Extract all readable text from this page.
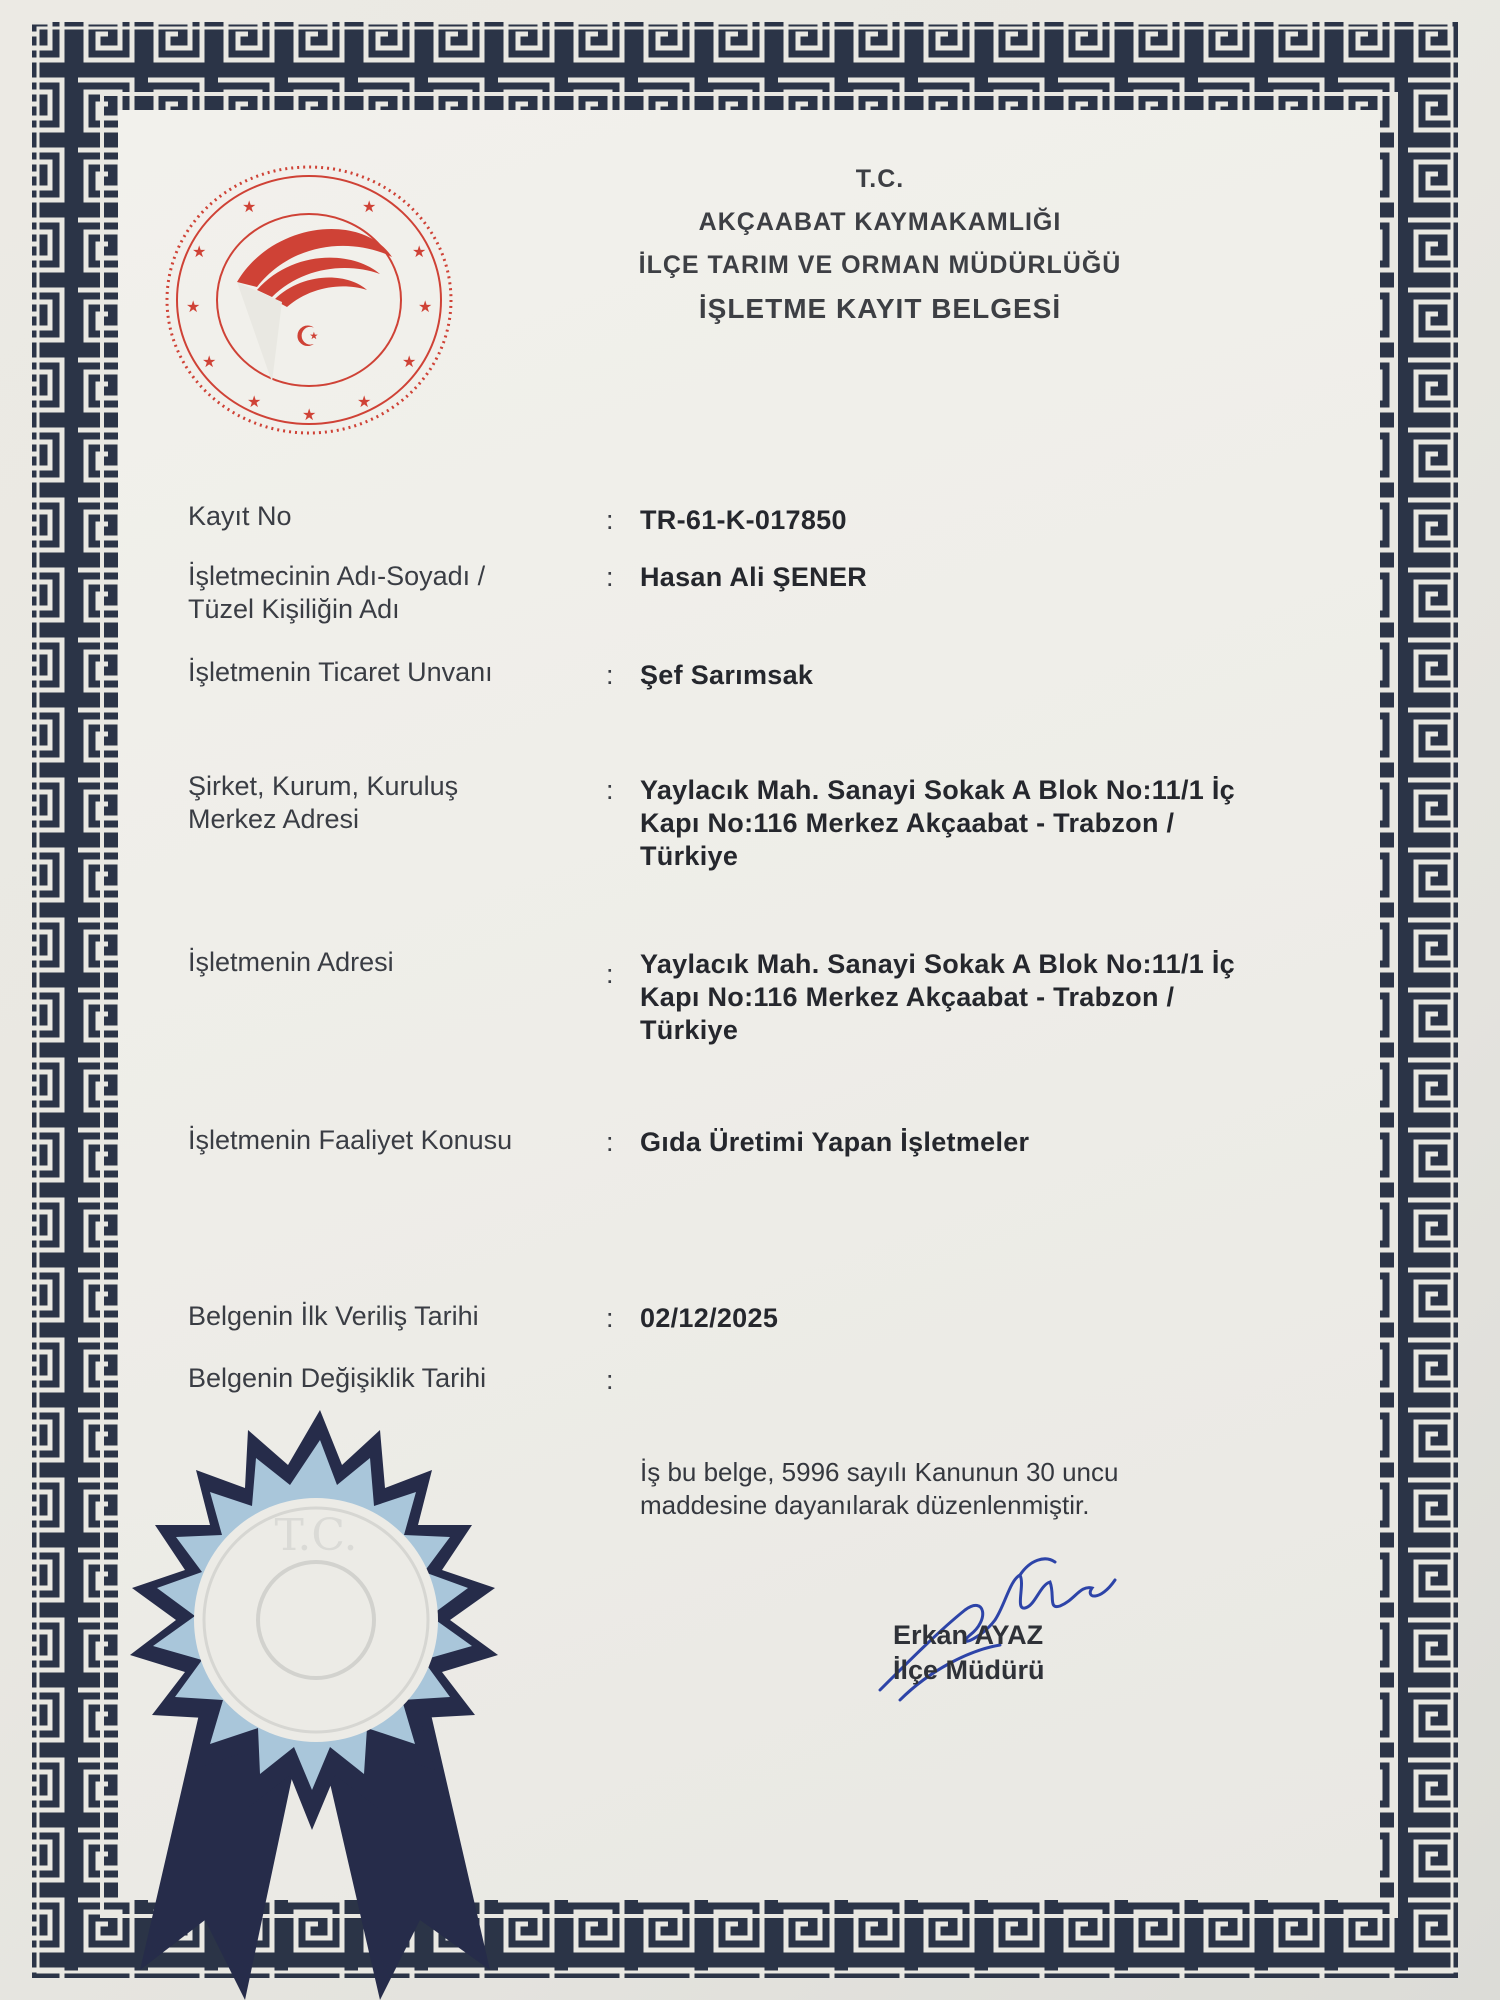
★
★
★
★
★
★
★
★
★
★	★
☪
T.C.
AKÇAABAT KAYMAKAMLIĞI
İLÇE TARIM VE ORMAN MÜDÜRLÜĞÜ
İŞLETME KAYIT BELGESİ
Kayıt No	: TR-61-K-017850
İşletmecinin Adı-Soyadı /
Tüzel Kişiliğin Adı
: Hasan Ali ŞENER
İşletmenin Ticaret Unvanı	: Şef Sarımsak
Şirket, Kurum, Kuruluş
Merkez Adresi
: Yaylacık Mah. Sanayi Sokak A Blok No:11/1 İç
Kapı No:116 Merkez Akçaabat - Trabzon /
Türkiye
İşletmenin Adresi	: Yaylacık Mah. Sanayi Sokak A Blok No:11/1 İç
Kapı No:116 Merkez Akçaabat - Trabzon /
Türkiye
İşletmenin Faaliyet Konusu	: Gıda Üretimi Yapan İşletmeler
Belgenin İlk Veriliş Tarihi	: 02/12/2025
Belgenin Değişiklik Tarihi	:
İş bu belge, 5996 sayılı Kanunun 30 uncu
maddesine dayanılarak düzenlenmiştir.
Erkan AYAZ
İlçe Müdürü
T.C.
